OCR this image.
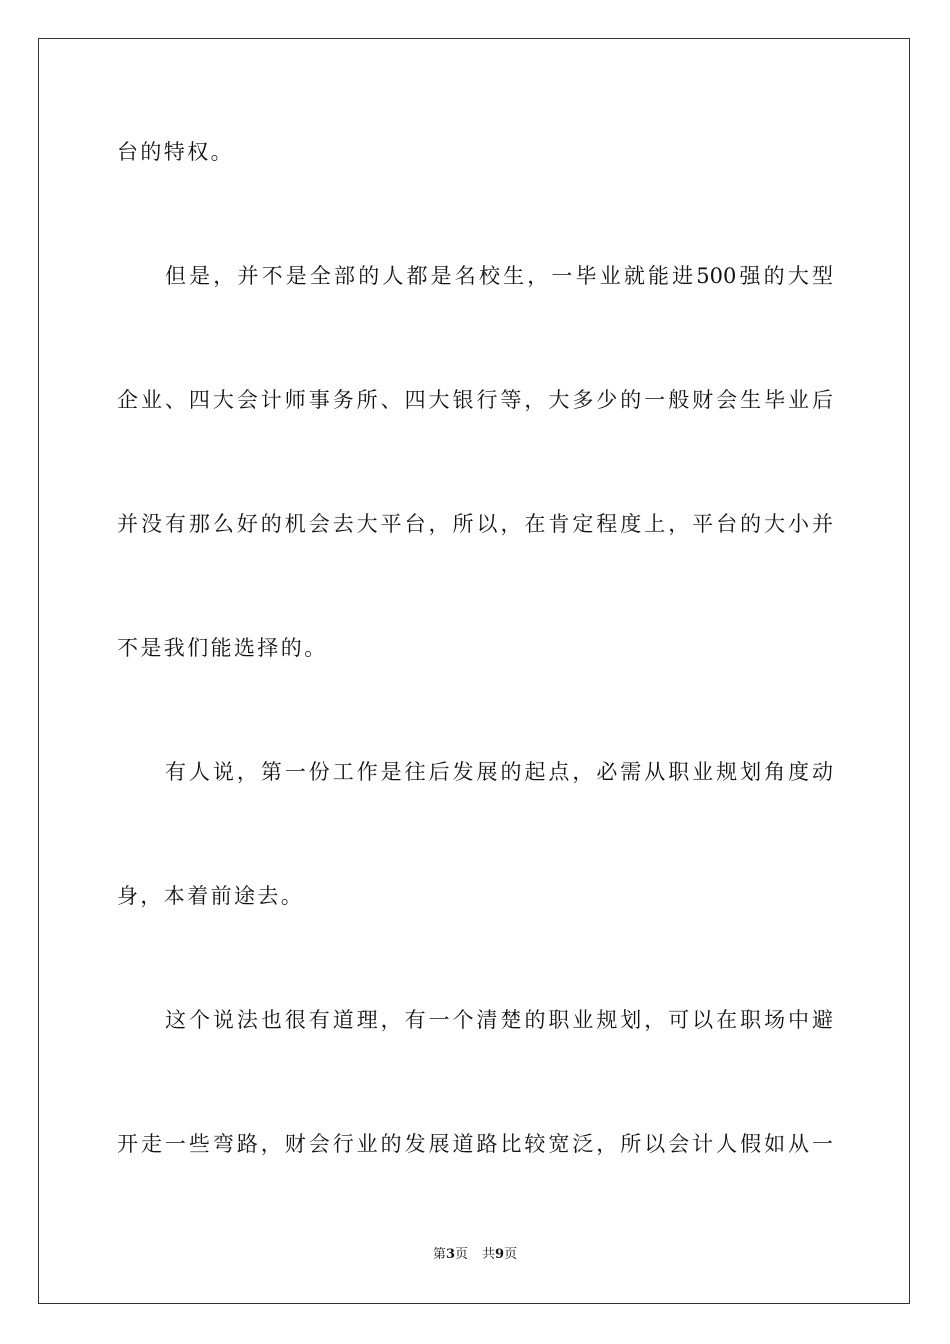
台的特权。
但是，并不是全部的人都是名校生，一毕业就能进500强的大型
企业、四大会计师事务所、四大银行等，大多少的一般财会生毕业后
并没有那么好的机会去大平台，所以，在肯定程度上，平台的大小并
不是我们能选择的。
有人说，第一份工作是往后发展的起点，必需从职业规划角度动
身，本着前途去。
这个说法也很有道理，有一个清楚的职业规划，可以在职场中避
开走一些弯路，财会行业的发展道路比较宽泛，所以会计人假如从一
第3页 共9页
